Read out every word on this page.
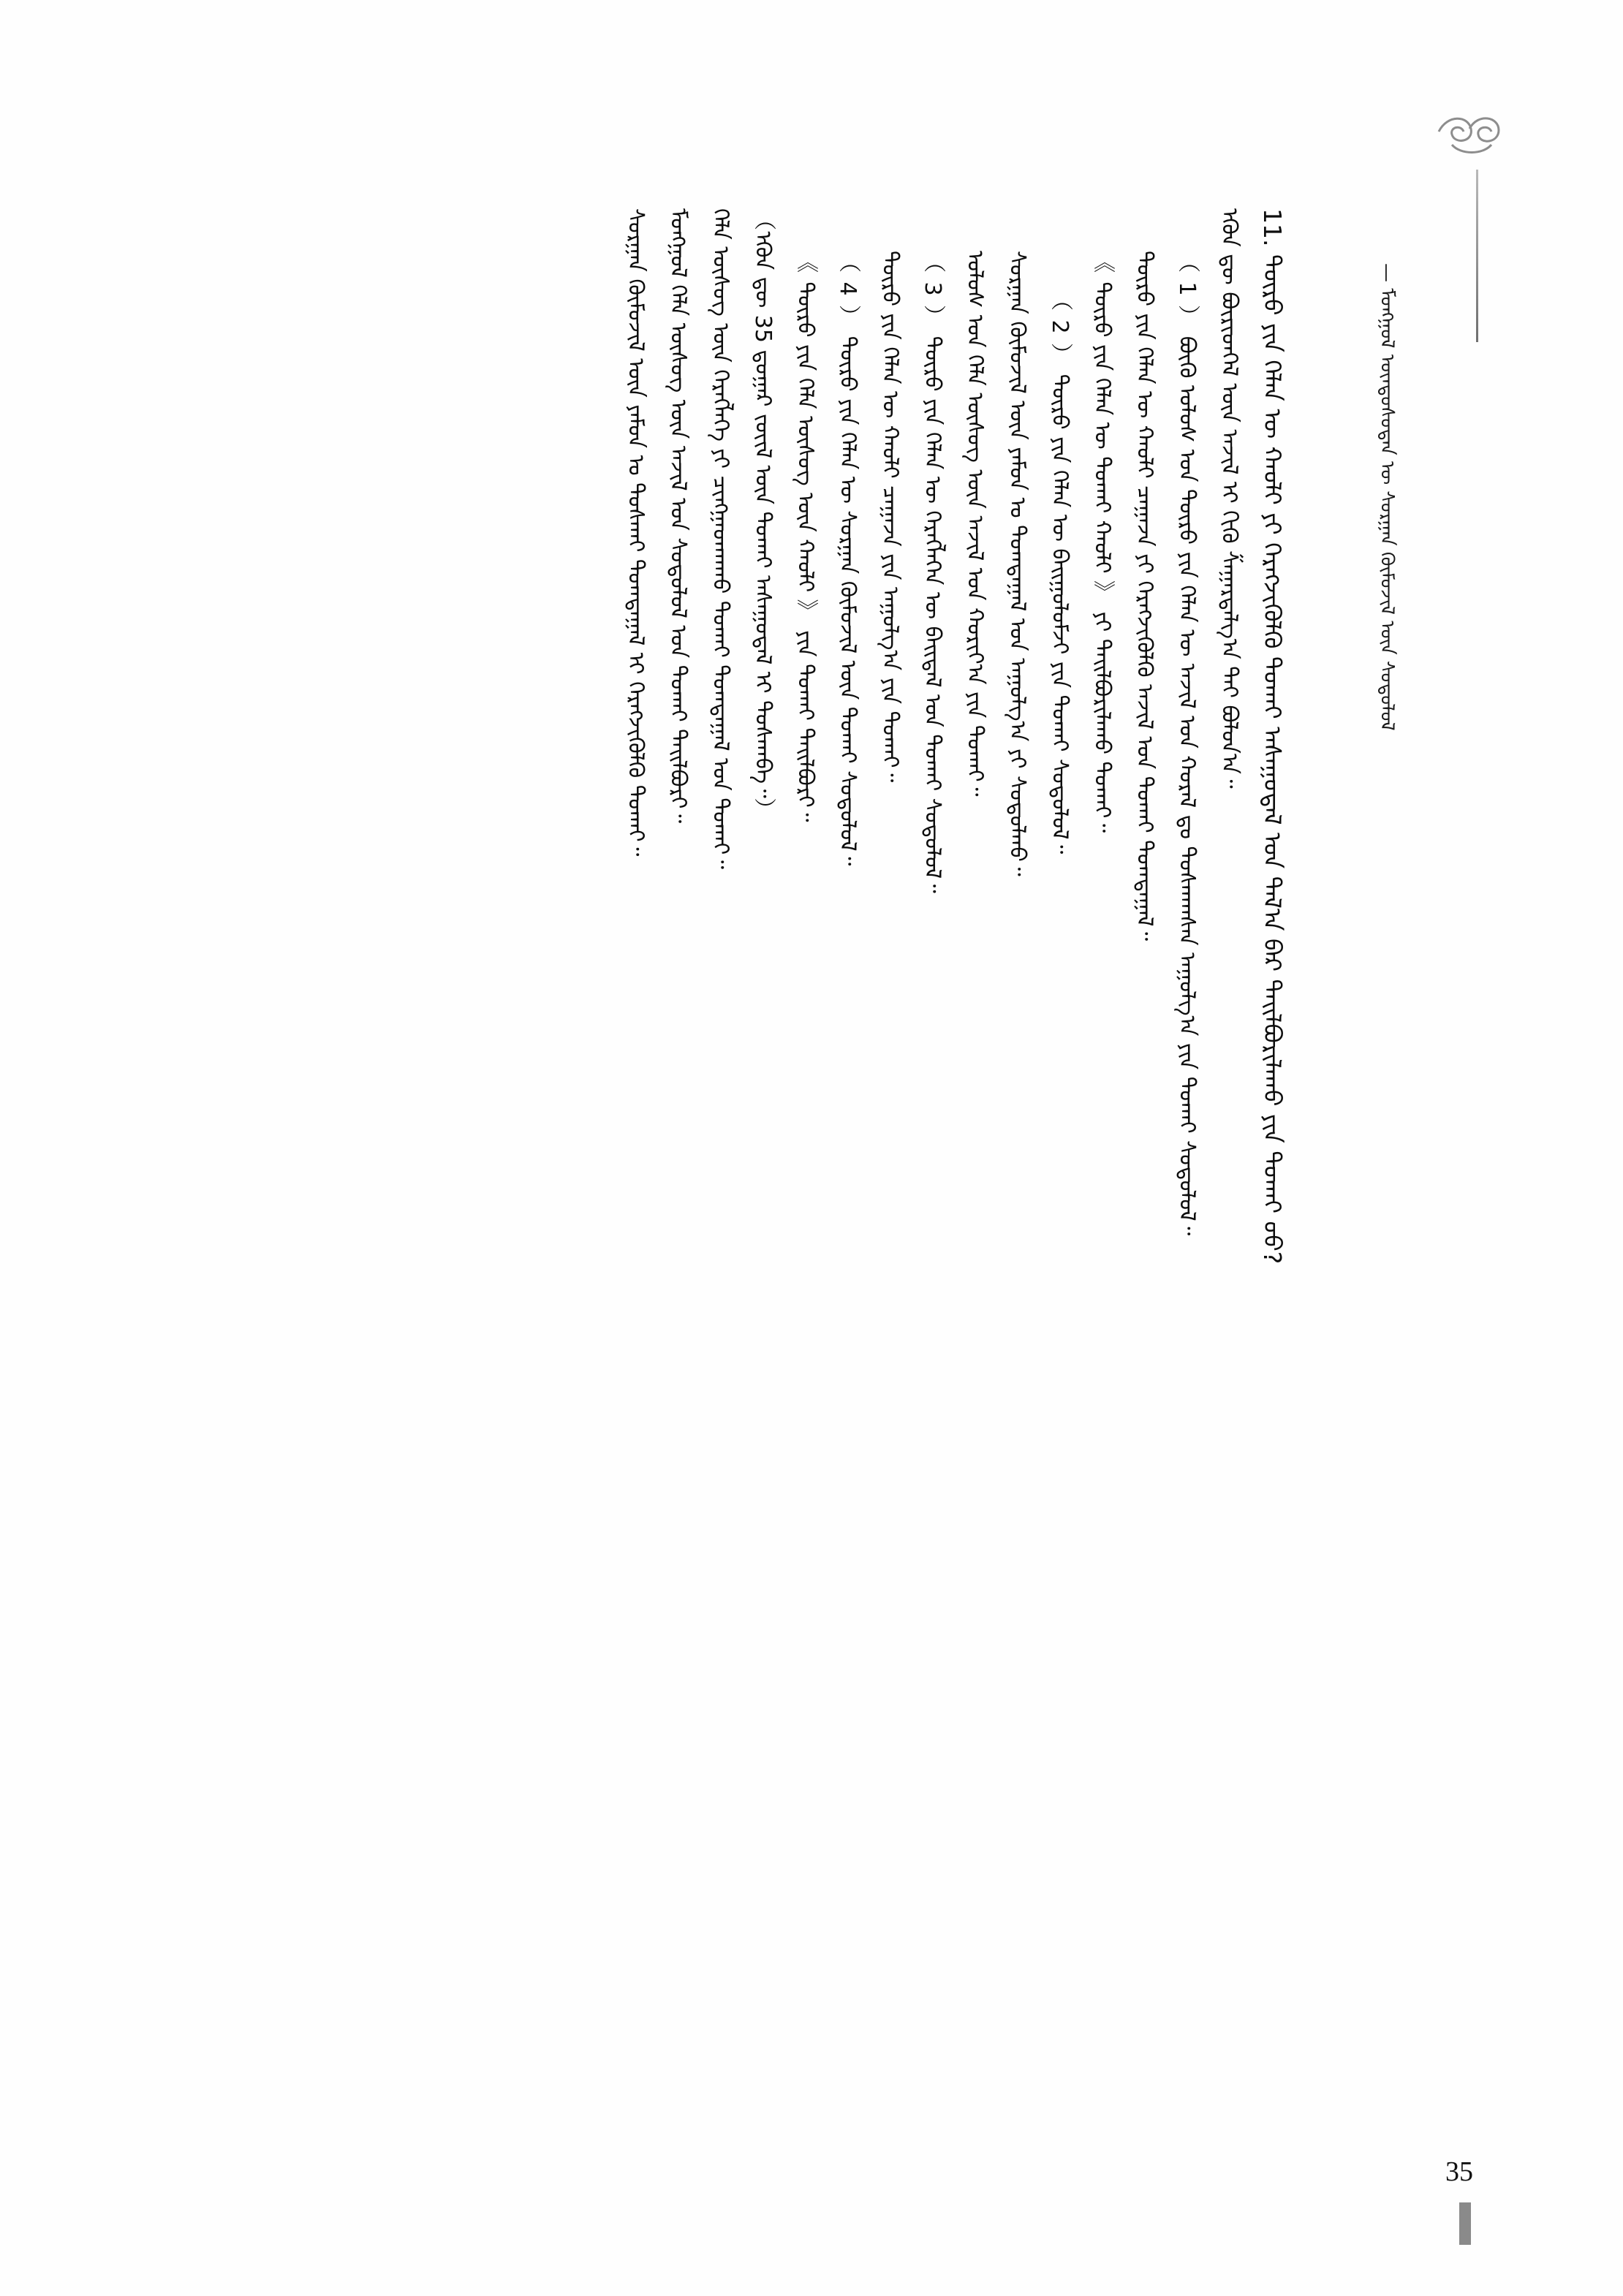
— ᠮᠣᠩᠭᠣᠯ ᠦᠨᠳᠦᠰᠦᠲᠡᠨ ᠦ ᠰᠤᠷᠭᠠᠨ ᠬᠥᠮᠦᠵᠢᠯ ᠦᠨ ᠰᠤᠳᠤᠯᠤᠯ
11. ᠲᠥᠷᠥ ᠶᠢᠨ ᠬᠡᠯᠡᠨ ᠦ ᠬᠠᠤᠯᠢ ᠶᠢ ᠬᠡᠷᠡᠭᠵᠢᠭᠦᠯᠬᠦ ᠲᠤᠬᠠᠢ ᠠᠰᠠᠭᠤᠳᠠᠯ ᠤᠨ ᠲᠠᠯ᠎ᠠ ᠪᠠᠷ ᠲᠠᠢᠯᠪᠤᠷᠢᠯᠠᠬᠤ ᠶᠢᠨ ᠲᠤᠬᠠᠢ ᠦᠦ?
ᠡᠭᠦᠨ ᠳᠦ ᠪᠦᠷᠢᠳᠬᠡᠯ ᠦᠨ ᠠᠵᠢᠯ ᠢ ᠬᠢᠬᠦ ᠱᠠᠭᠠᠷᠳᠠᠯᠭ᠎ᠠ ᠲᠠᠢ ᠪᠣᠯᠤᠨ᠎ᠠ᠃
（ 1 ） ᠪᠦᠬᠦ ᠤᠯᠤᠰ ᠤᠨ ᠲᠥᠷᠥ ᠶᠢᠨ ᠬᠡᠯᠡᠨ ᠦ ᠠᠵᠢᠯ ᠤᠨ ᠬᠤᠷᠠᠯ ᠳᠤ ᠲᠤᠰᠬᠠᠭᠰᠠᠨ ᠠᠭᠤᠯᠭ᠎ᠠ ᠶᠢᠨ ᠲᠤᠬᠠᠢ ᠰᠤᠳᠤᠯᠤᠯ᠃
ᠲᠥᠷᠥ ᠶᠢᠨ ᠬᠡᠯᠡᠨ ᠦ ᠬᠠᠤᠯᠢ ᠴᠠᠭᠠᠵᠠ ᠶᠢ ᠬᠡᠷᠡᠭᠵᠢᠭᠦᠯᠬᠦ ᠠᠵᠢᠯ ᠤᠨ ᠲᠤᠬᠠᠢ ᠲᠣᠭᠲᠠᠭᠠᠯ᠃
《 ᠲᠥᠷᠥ ᠶᠢᠨ ᠬᠡᠯᠡᠨ ᠦ ᠲᠤᠬᠠᠢ ᠬᠠᠤᠯᠢ 》 ᠶᠢ ᠲᠠᠢᠯᠪᠤᠷᠢᠯᠠᠬᠤ ᠲᠤᠬᠠᠢ᠃
（ 2 ） ᠲᠥᠷᠥ ᠶᠢᠨ ᠬᠡᠯᠡᠨ ᠦ ᠪᠠᠢᠭᠤᠯᠤᠮᠵᠢ ᠶᠢᠨ ᠲᠤᠬᠠᠢ ᠰᠤᠳᠤᠯᠤᠯ᠃
ᠰᠤᠷᠭᠠᠨ ᠬᠥᠮᠦᠵᠢᠯ ᠦᠨ ᠶᠠᠮᠤᠨ ᠤ ᠲᠣᠭᠲᠠᠭᠠᠯ ᠤᠨ ᠠᠭᠤᠯᠭ᠎ᠠ ᠶᠢ ᠰᠤᠳᠤᠯᠬᠤ᠃
ᠤᠯᠤᠰ ᠤᠨ ᠬᠡᠯᠡ ᠦᠰᠦᠭ ᠦᠨ ᠠᠵᠢᠯ ᠤᠨ ᠬᠣᠷᠢᠶ᠎ᠠ ᠶᠢᠨ ᠲᠤᠬᠠᠢ᠃
（ 3 ） ᠲᠥᠷᠥ ᠶᠢᠨ ᠬᠡᠯᠡᠨ ᠦ ᠬᠡᠷᠡᠭᠯᠡᠭᠡᠨ ᠦ ᠪᠠᠢᠳᠠᠯ ᠤᠨ ᠲᠤᠬᠠᠢ ᠰᠤᠳᠤᠯᠤᠯ᠃
ᠲᠥᠷᠥ ᠶᠢᠨ ᠬᠡᠯᠡᠨ ᠦ ᠬᠠᠤᠯᠢ ᠴᠠᠭᠠᠵᠠ ᠶᠢᠨ ᠠᠭᠤᠯᠭ᠎ᠠ ᠶᠢᠨ ᠲᠤᠬᠠᠢ᠃
（ 4 ） ᠲᠥᠷᠥ ᠶᠢᠨ ᠬᠡᠯᠡᠨ ᠦ ᠰᠤᠷᠭᠠᠨ ᠬᠥᠮᠦᠵᠢᠯ ᠦᠨ ᠲᠤᠬᠠᠢ ᠰᠤᠳᠤᠯᠤᠯ᠃
《 ᠲᠥᠷᠥ ᠶᠢᠨ ᠬᠡᠯᠡ ᠦᠰᠦᠭ ᠦᠨ ᠬᠠᠤᠯᠢ 》 ᠶᠢᠨ ᠲᠤᠬᠠᠢ ᠲᠠᠢᠯᠪᠤᠷᠢ᠃
（ᠡᠭᠦᠨ ᠳᠦ 35 ᠳ᠋ᠤᠭᠠᠷ ᠵᠦᠢᠯ ᠦᠨ ᠲᠤᠬᠠᠢ ᠠᠰᠠᠭᠤᠳᠠᠯ ᠢ ᠲᠤᠰᠬᠠᠪᠠ᠃）
ᠬᠡᠯᠡ ᠦᠰᠦᠭ ᠦᠨ ᠬᠡᠷᠡᠭᠯᠡᠭᠡ ᠶᠢ ᠴᠢᠩᠭᠠᠳᠬᠠᠬᠤ ᠲᠤᠬᠠᠢ ᠲᠣᠭᠲᠠᠭᠠᠯ ᠤᠨ ᠲᠤᠬᠠᠢ᠃
ᠮᠣᠩᠭᠣᠯ ᠬᠡᠯᠡ ᠦᠰᠦᠭ ᠦᠨ ᠠᠵᠢᠯ ᠤᠨ ᠰᠤᠳᠤᠯᠤᠯ ᠤᠨ ᠲᠤᠬᠠᠢ ᠲᠠᠢᠯᠪᠤᠷᠢ᠃
ᠰᠤᠷᠭᠠᠨ ᠬᠥᠮᠦᠵᠢᠯ ᠦᠨ ᠶᠠᠮᠤᠨ ᠤ ᠲᠤᠰᠬᠠᠢ ᠲᠣᠭᠲᠠᠭᠠᠯ ᠢ ᠬᠡᠷᠡᠭᠵᠢᠭᠦᠯᠬᠦ ᠲᠤᠬᠠᠢ᠃
35
